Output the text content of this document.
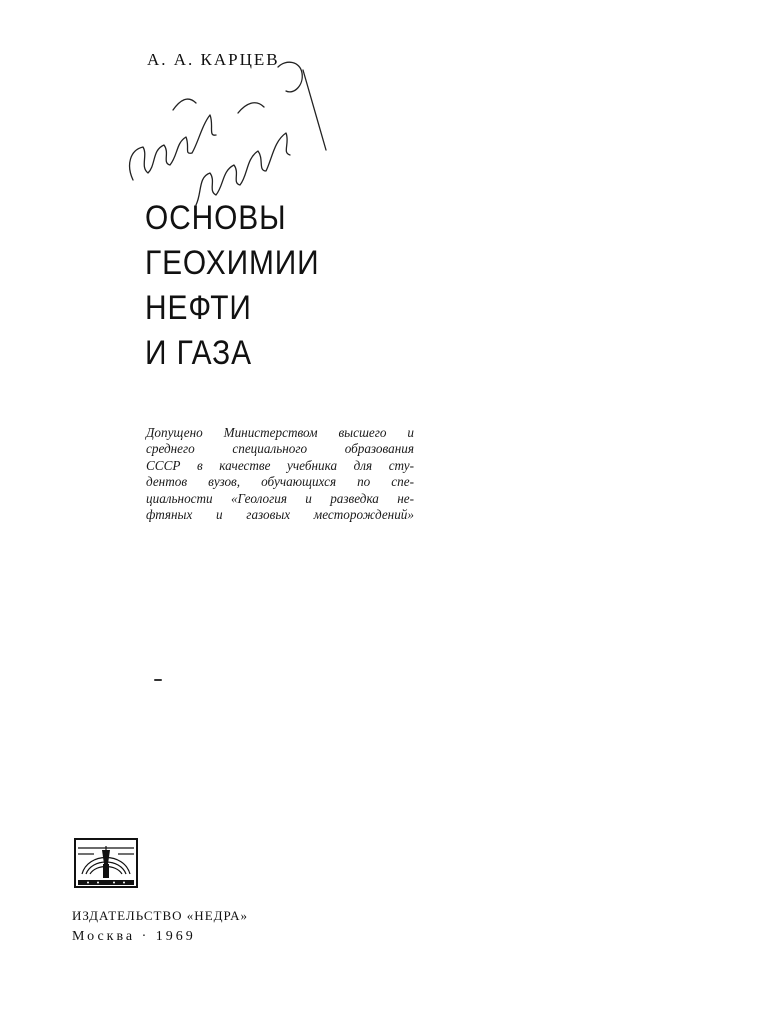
А. А. КАРЦЕВ
ОСНОВЫ
ГЕОХИМИИ
НЕФТИ
И ГАЗА
Допущено Министерством высшего и
среднего специального образования
СССР в качестве учебника для сту-
дентов вузов, обучающихся по спе-
циальности «Геология и разведка не-
фтяных и газовых месторождений»
ИЗДАТЕЛЬСТВО «НЕДРА»
Москва · 1969
